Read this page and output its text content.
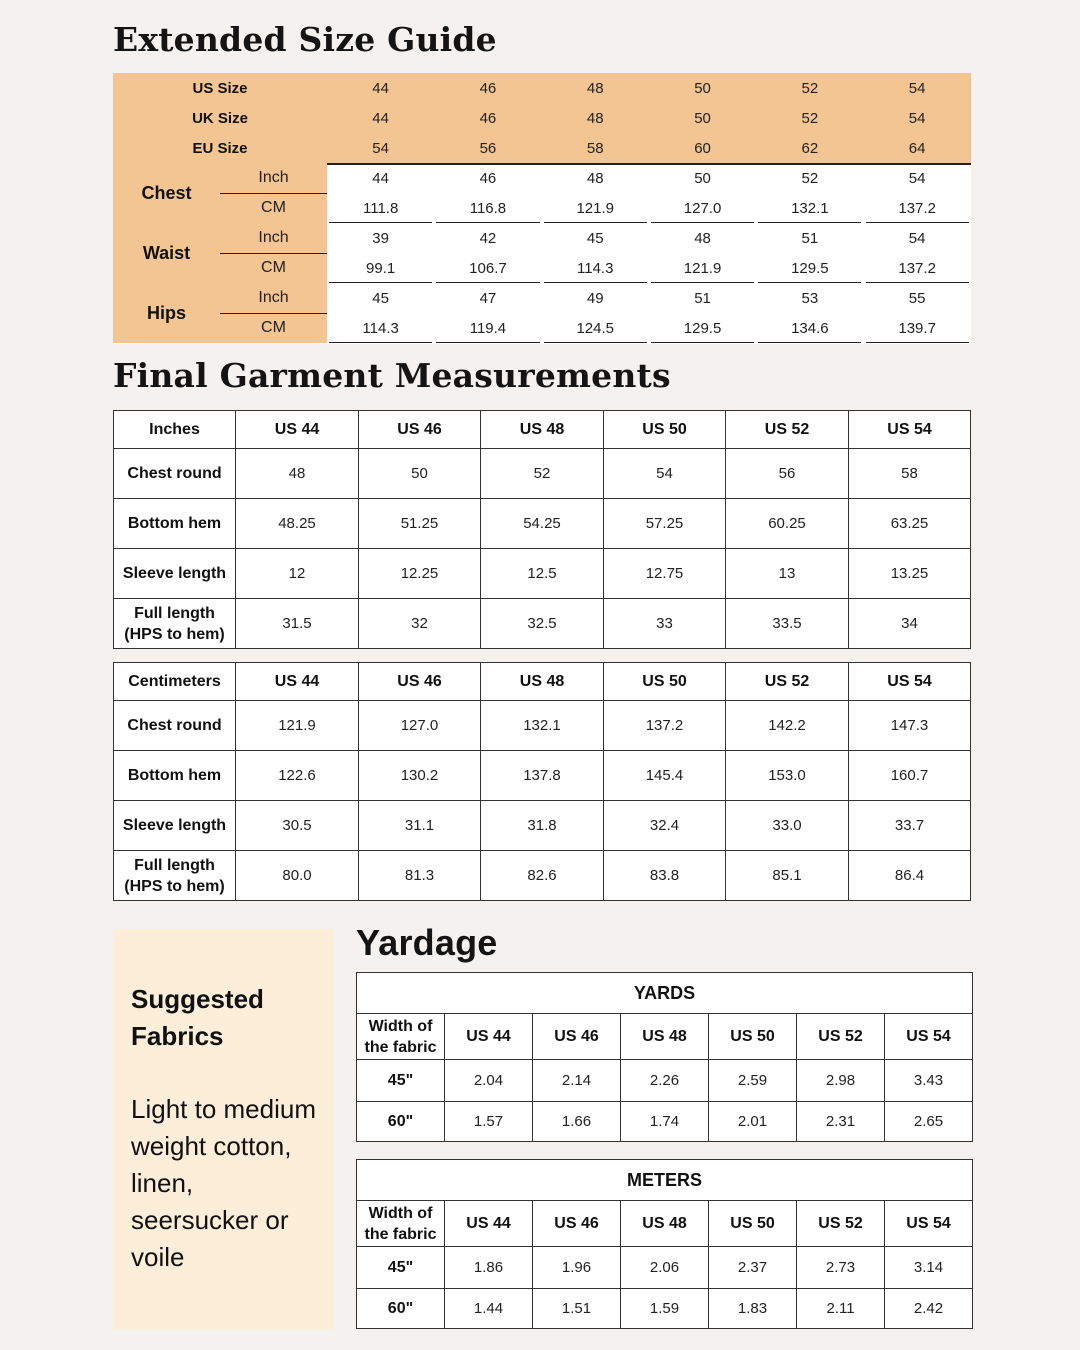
Extended Size Guide
US Size	44	46	48	50	52	54
UK Size	44	46	48	50	52	54
EU Size	54	56	58	60	62	64
Chest
Inch	44	46	48	50	52	54
CM	111.8	116.8	121.9	127.0	132.1	137.2
Waist
Inch	39	42	45	48	51	54
CM	99.1	106.7	114.3	121.9	129.5	137.2
Hips
Inch	45	47	49	51	53	55
CM	114.3	119.4	124.5	129.5	134.6	139.7
Final Garment Measurements
Inches	US 44	US 46	US 48	US 50	US 52	US 54
Chest round	48	50	52	54	56	58
Bottom hem	48.25	51.25	54.25	57.25	60.25	63.25
Sleeve length	12	12.25	12.5	12.75	13	13.25

Full length
(HPS to hem)	31.5	32	32.5	33	33.5	34
Centimeters	US 44	US 46	US 48	US 50	US 52	US 54
Chest round	121.9	127.0	132.1	137.2	142.2	147.3
Bottom hem	122.6	130.2	137.8	145.4	153.0	160.7
Sleeve length	30.5	31.1	31.8	32.4	33.0	33.7

Full length
(HPS to hem)	80.0	81.3	82.6	83.8	85.1	86.4
Suggested
Fabrics
Light to medium
weight cotton,
linen,
seersucker or
voile
Yardage
YARDS						

Width of
the fabric	US 44	US 46	US 48	US 50	US 52	US 54
45"	2.04	2.14	2.26	2.59	2.98	3.43
60"	1.57	1.66	1.74	2.01	2.31	2.65
METERS						

Width of
the fabric	US 44	US 46	US 48	US 50	US 52	US 54
45"	1.86	1.96	2.06	2.37	2.73	3.14
60"	1.44	1.51	1.59	1.83	2.11	2.42
